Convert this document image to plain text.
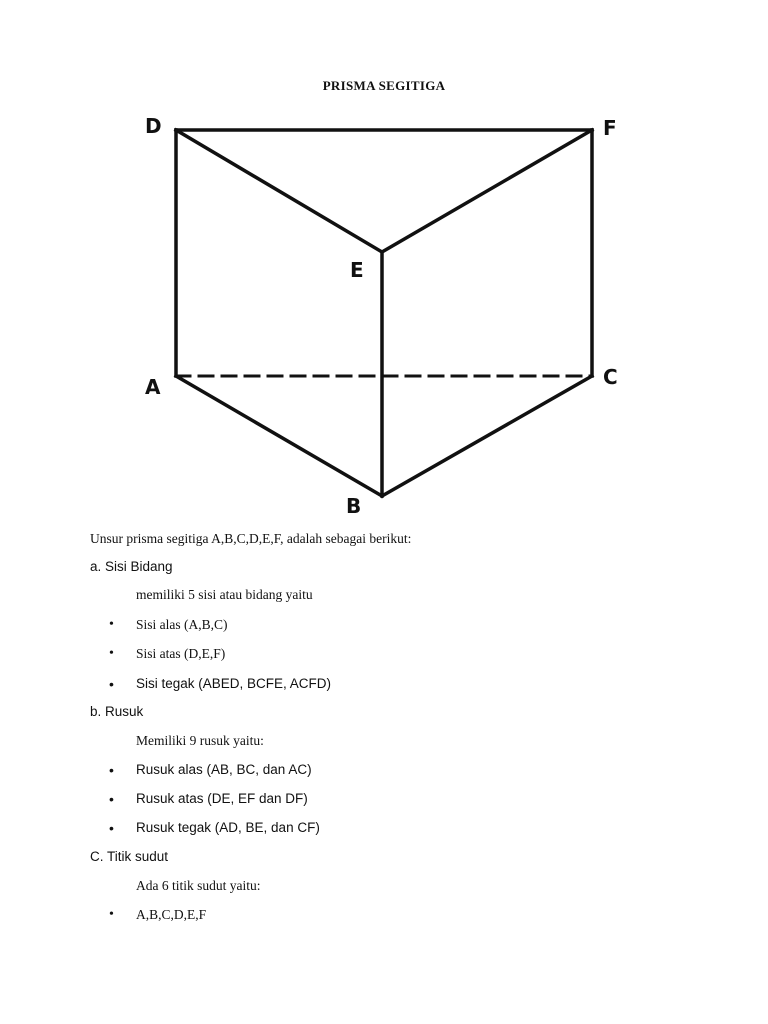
PRISMA SEGITIGA
D	F
E
A	C
B
Unsur prisma segitiga A,B,C,D,E,F, adalah sebagai berikut:
a. Sisi Bidang
memiliki 5 sisi atau bidang yaitu
• Sisi alas (A,B,C)
• Sisi atas (D,E,F)
• Sisi tegak (ABED, BCFE, ACFD)
b. Rusuk
Memiliki 9 rusuk yaitu:
• Rusuk alas (AB, BC, dan AC)
• Rusuk atas (DE, EF dan DF)
• Rusuk tegak (AD, BE, dan CF)
C. Titik sudut
Ada 6 titik sudut yaitu:
• A,B,C,D,E,F
